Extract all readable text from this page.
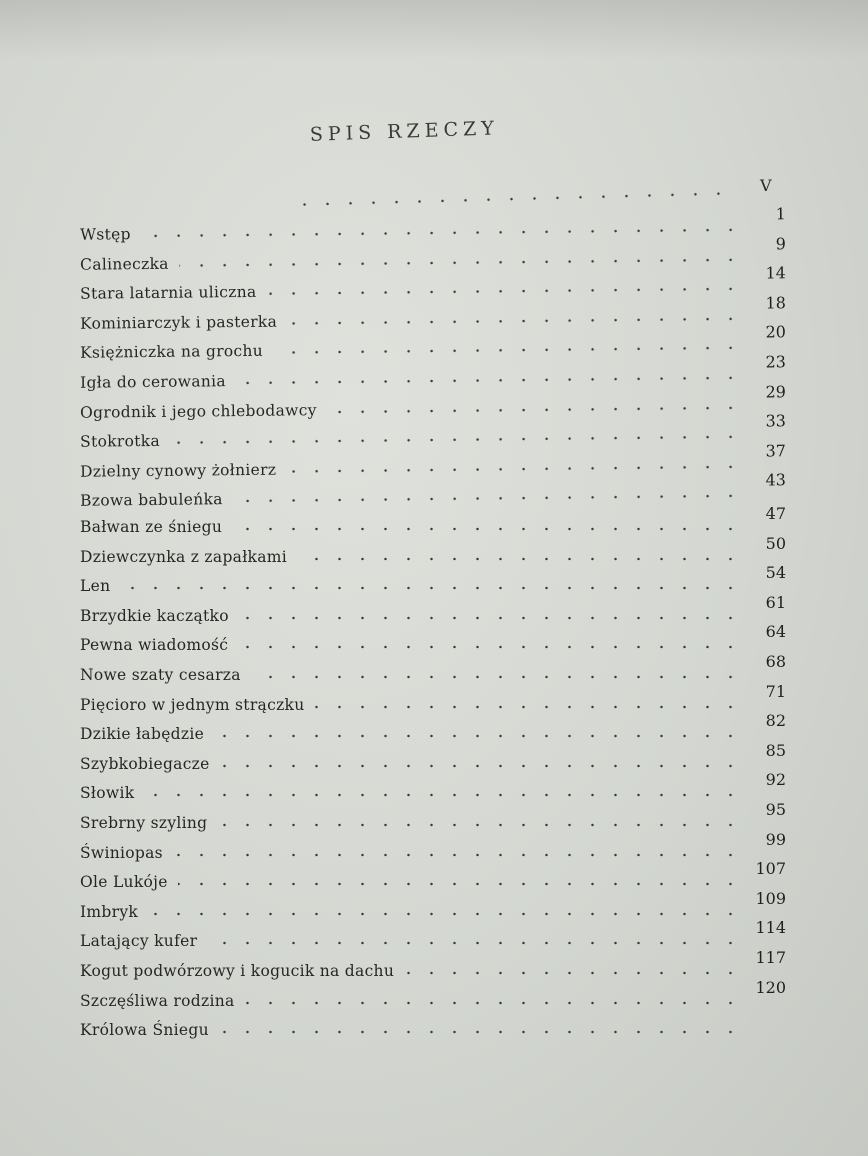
SPIS RZECZY
V
Wstęp
1
Calineczka
9
Stara latarnia uliczna
14
Kominiarczyk i pasterka
18
Księżniczka na grochu
20
Igła do cerowania
23
Ogrodnik i jego chlebodawcy
29
Stokrotka
33
Dzielny cynowy żołnierz
37
Bzowa babuleńka
43
Bałwan ze śniegu
47
Dziewczynka z zapałkami
50
Len
54
Brzydkie kaczątko
61
Pewna wiadomość
64
Nowe szaty cesarza
68
Pięcioro w jednym strączku
71
Dzikie łabędzie
82
Szybkobiegacze
85
Słowik
92
Srebrny szyling
95
Świniopas
99
Ole Lukóje
107
Imbryk
109
Latający kufer
114
Kogut podwórzowy i kogucik na dachu
117
Szczęśliwa rodzina
120
Królowa Śniegu
